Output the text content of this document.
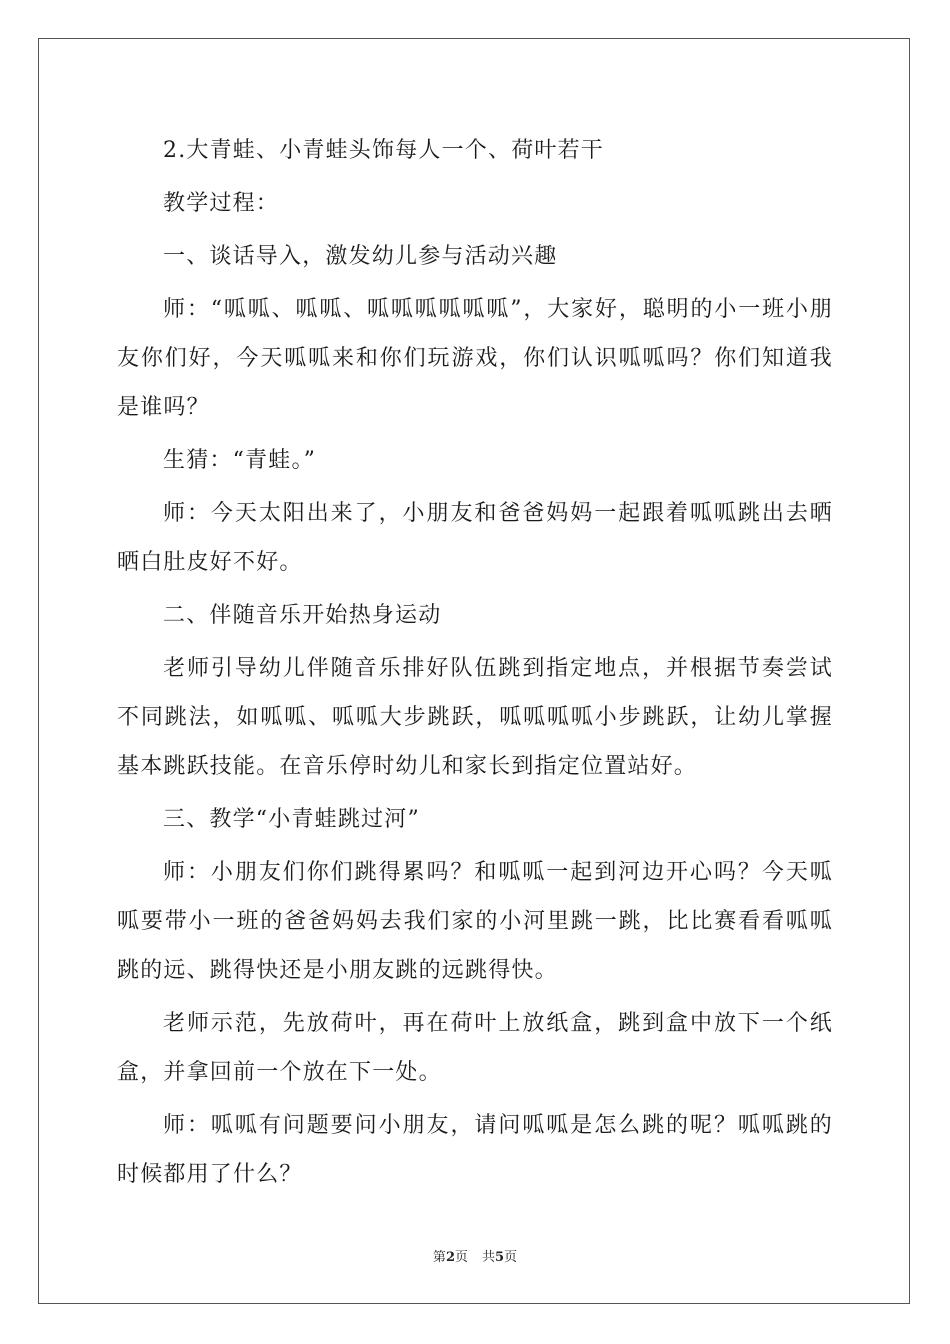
2.大青蛙、小青蛙头饰每人一个、荷叶若干

教学过程：

一、谈话导入，激发幼儿参与活动兴趣

师：“呱呱、呱呱、呱呱呱呱呱呱”，大家好，聪明的小一班小朋友你们好，今天呱呱来和你们玩游戏，你们认识呱呱吗？你们知道我是谁吗？

生猜：“青蛙。”

师：今天太阳出来了，小朋友和爸爸妈妈一起跟着呱呱跳出去晒晒白肚皮好不好。

二、伴随音乐开始热身运动

老师引导幼儿伴随音乐排好队伍跳到指定地点，并根据节奏尝试不同跳法，如呱呱、呱呱大步跳跃，呱呱呱呱小步跳跃，让幼儿掌握基本跳跃技能。在音乐停时幼儿和家长到指定位置站好。

三、教学“小青蛙跳过河”

师：小朋友们你们跳得累吗？和呱呱一起到河边开心吗？今天呱呱要带小一班的爸爸妈妈去我们家的小河里跳一跳，比比赛看看呱呱跳的远、跳得快还是小朋友跳的远跳得快。

老师示范，先放荷叶，再在荷叶上放纸盒，跳到盒中放下一个纸盒，并拿回前一个放在下一处。

师：呱呱有问题要问小朋友，请问呱呱是怎么跳的呢？呱呱跳的时候都用了什么？

第2页 共5页
